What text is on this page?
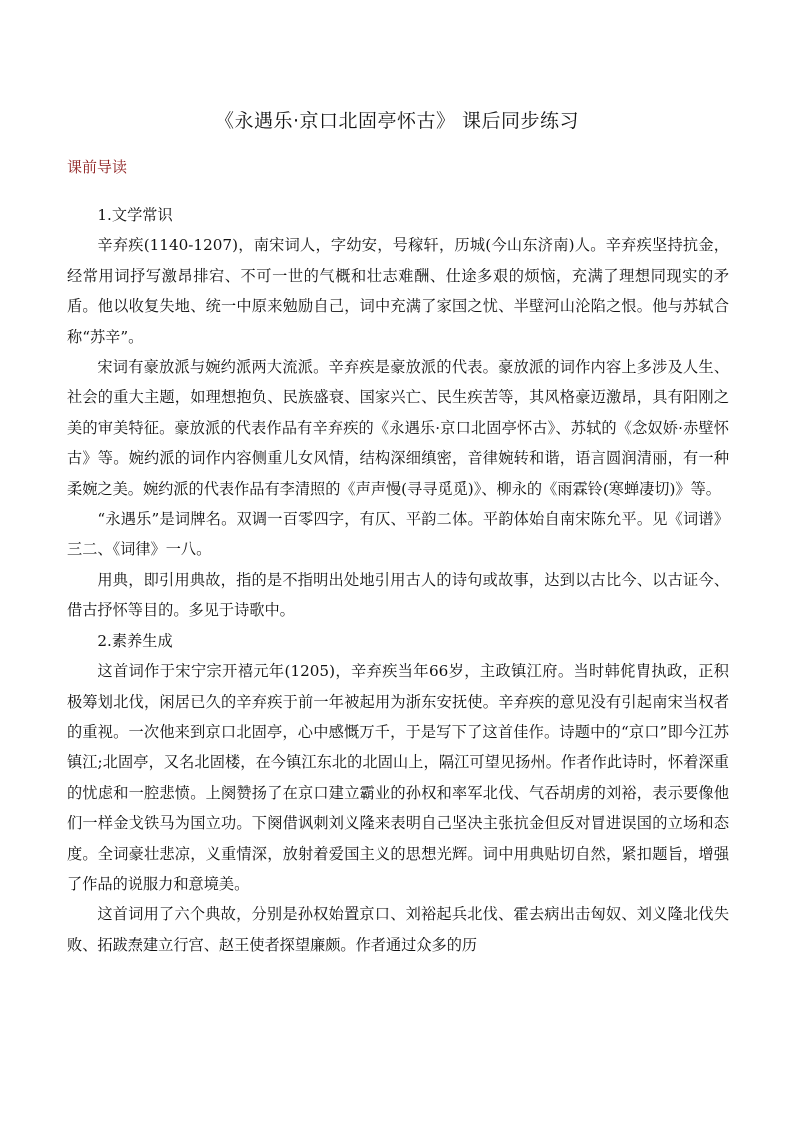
《永遇乐·京口北固亭怀古》 课后同步练习
课前导读

1.文学常识

辛弃疾(1140-1207)，南宋词人，字幼安，号稼轩，历城(今山东济南)人。辛弃疾坚持抗金，经常用词抒写激昂排宕、不可一世的气概和壮志难酬、仕途多艰的烦恼，充满了理想同现实的矛盾。他以收复失地、统一中原来勉励自己，词中充满了家国之忧、半壁河山沦陷之恨。他与苏轼合称“苏辛”。

宋词有豪放派与婉约派两大流派。辛弃疾是豪放派的代表。豪放派的词作内容上多涉及人生、社会的重大主题，如理想抱负、民族盛衰、国家兴亡、民生疾苦等，其风格豪迈激昂，具有阳刚之美的审美特征。豪放派的代表作品有辛弃疾的《永遇乐·京口北固亭怀古》、苏轼的《念奴娇·赤壁怀古》等。婉约派的词作内容侧重儿女风情，结构深细缜密，音律婉转和谐，语言圆润清丽，有一种柔婉之美。婉约派的代表作品有李清照的《声声慢(寻寻觅觅)》、柳永的《雨霖铃(寒蝉凄切)》等。

“永遇乐”是词牌名。双调一百零四字，有仄、平韵二体。平韵体始自南宋陈允平。见《词谱》三二、《词律》一八。

用典，即引用典故，指的是不指明出处地引用古人的诗句或故事，达到以古比今、以古证今、借古抒怀等目的。多见于诗歌中。

2.素养生成

这首词作于宋宁宗开禧元年(1205)，辛弃疾当年66岁，主政镇江府。当时韩侂胄执政，正积极筹划北伐，闲居已久的辛弃疾于前一年被起用为浙东安抚使。辛弃疾的意见没有引起南宋当权者的重视。一次他来到京口北固亭，心中感慨万千，于是写下了这首佳作。诗题中的“京口”即今江苏镇江;北固亭，又名北固楼，在今镇江东北的北固山上，隔江可望见扬州。作者作此诗时，怀着深重的忧虑和一腔悲愤。上阕赞扬了在京口建立霸业的孙权和率军北伐、气吞胡虏的刘裕，表示要像他们一样金戈铁马为国立功。下阕借讽刺刘义隆来表明自己坚决主张抗金但反对冒进误国的立场和态度。全词豪壮悲凉，义重情深，放射着爱国主义的思想光辉。词中用典贴切自然，紧扣题旨，增强了作品的说服力和意境美。

这首词用了六个典故，分别是孙权始置京口、刘裕起兵北伐、霍去病出击匈奴、刘义隆北伐失败、拓跋焘建立行宫、赵王使者探望廉颇。作者通过众多的历
